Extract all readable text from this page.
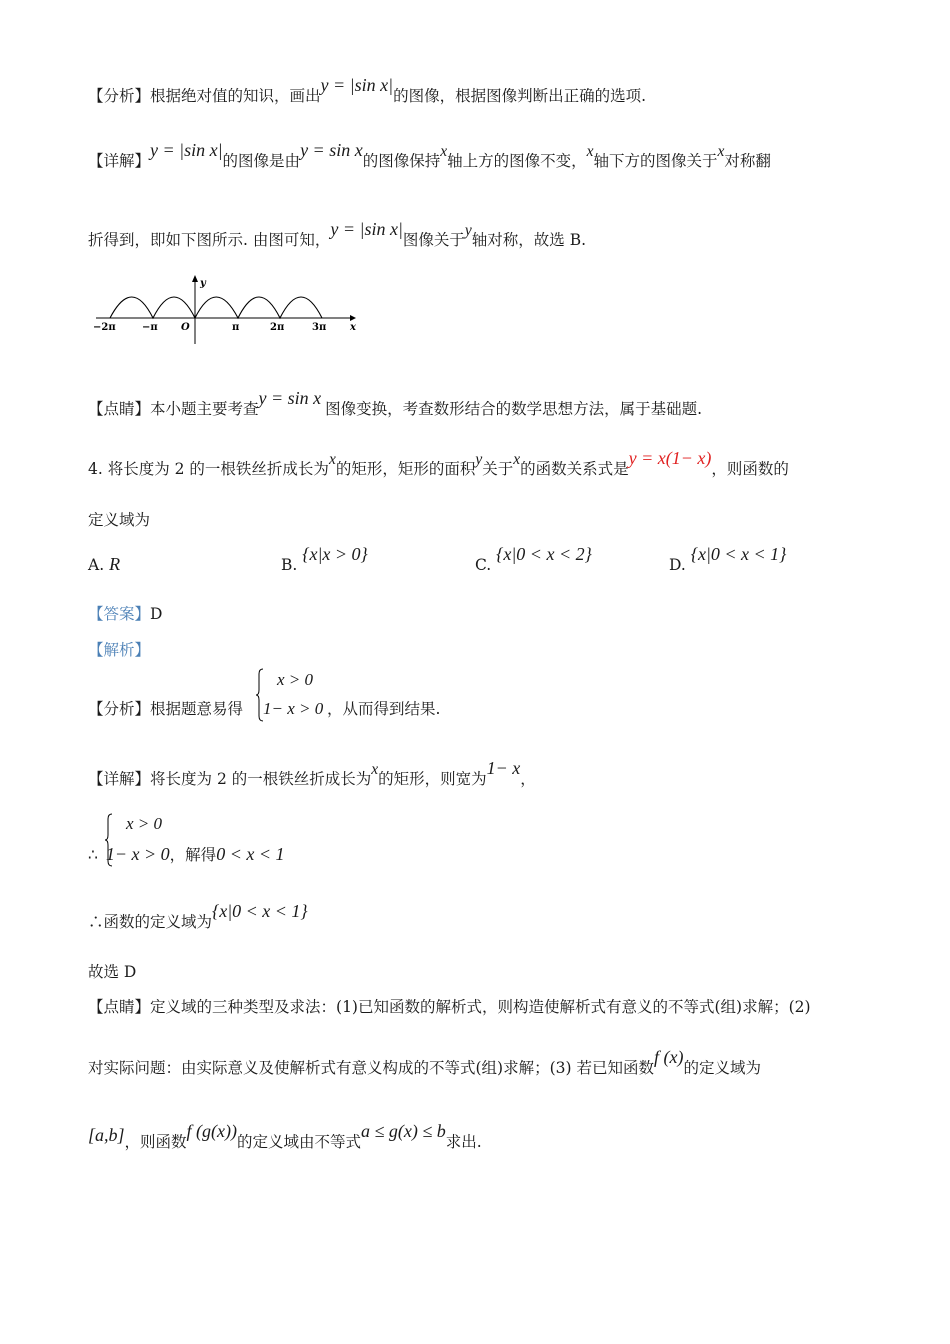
【分析】根据绝对值的知识，画出y = |sin x|的图像，根据图像判断出正确的选项.
【详解】y = |sin x|的图像是由y = sin x的图像保持x轴上方的图像不变，x轴下方的图像关于x对称翻
折得到，即如下图所示. 由图可知，y = |sin x|图像关于y轴对称，故选 B.
−2π	−π O	π	2π	3π x
y
【点睛】本小题主要考查y = sin x图像变换，考查数形结合的数学思想方法，属于基础题.
4. 将长度为 2 的一根铁丝折成长为x的矩形，矩形的面积y关于x的函数关系式是y = x(1− x)，则函数的
定义域为
A. R	B. {x|x > 0}
C. {x|0 < x < 2}
D. {x|0 < x < 1}
【答案】D
【解析】
【分析】根据题意易得	，从而得到结果.
x > 0
1− x > 0
【详解】将长度为 2 的一根铁丝折成长为x的矩形，则宽为1− x，
x > 0
∴ 1− x > 0，解得0 < x < 1
∴函数的定义域为{x|0 < x < 1}
故选 D
【点睛】定义域的三种类型及求法：(1)已知函数的解析式，则构造使解析式有意义的不等式(组)求解；(2)
对实际问题：由实际意义及使解析式有意义构成的不等式(组)求解；(3) 若已知函数f (x)的定义域为
[a,b]，则函数f (g(x))的定义域由不等式a ≤ g(x) ≤ b求出.
